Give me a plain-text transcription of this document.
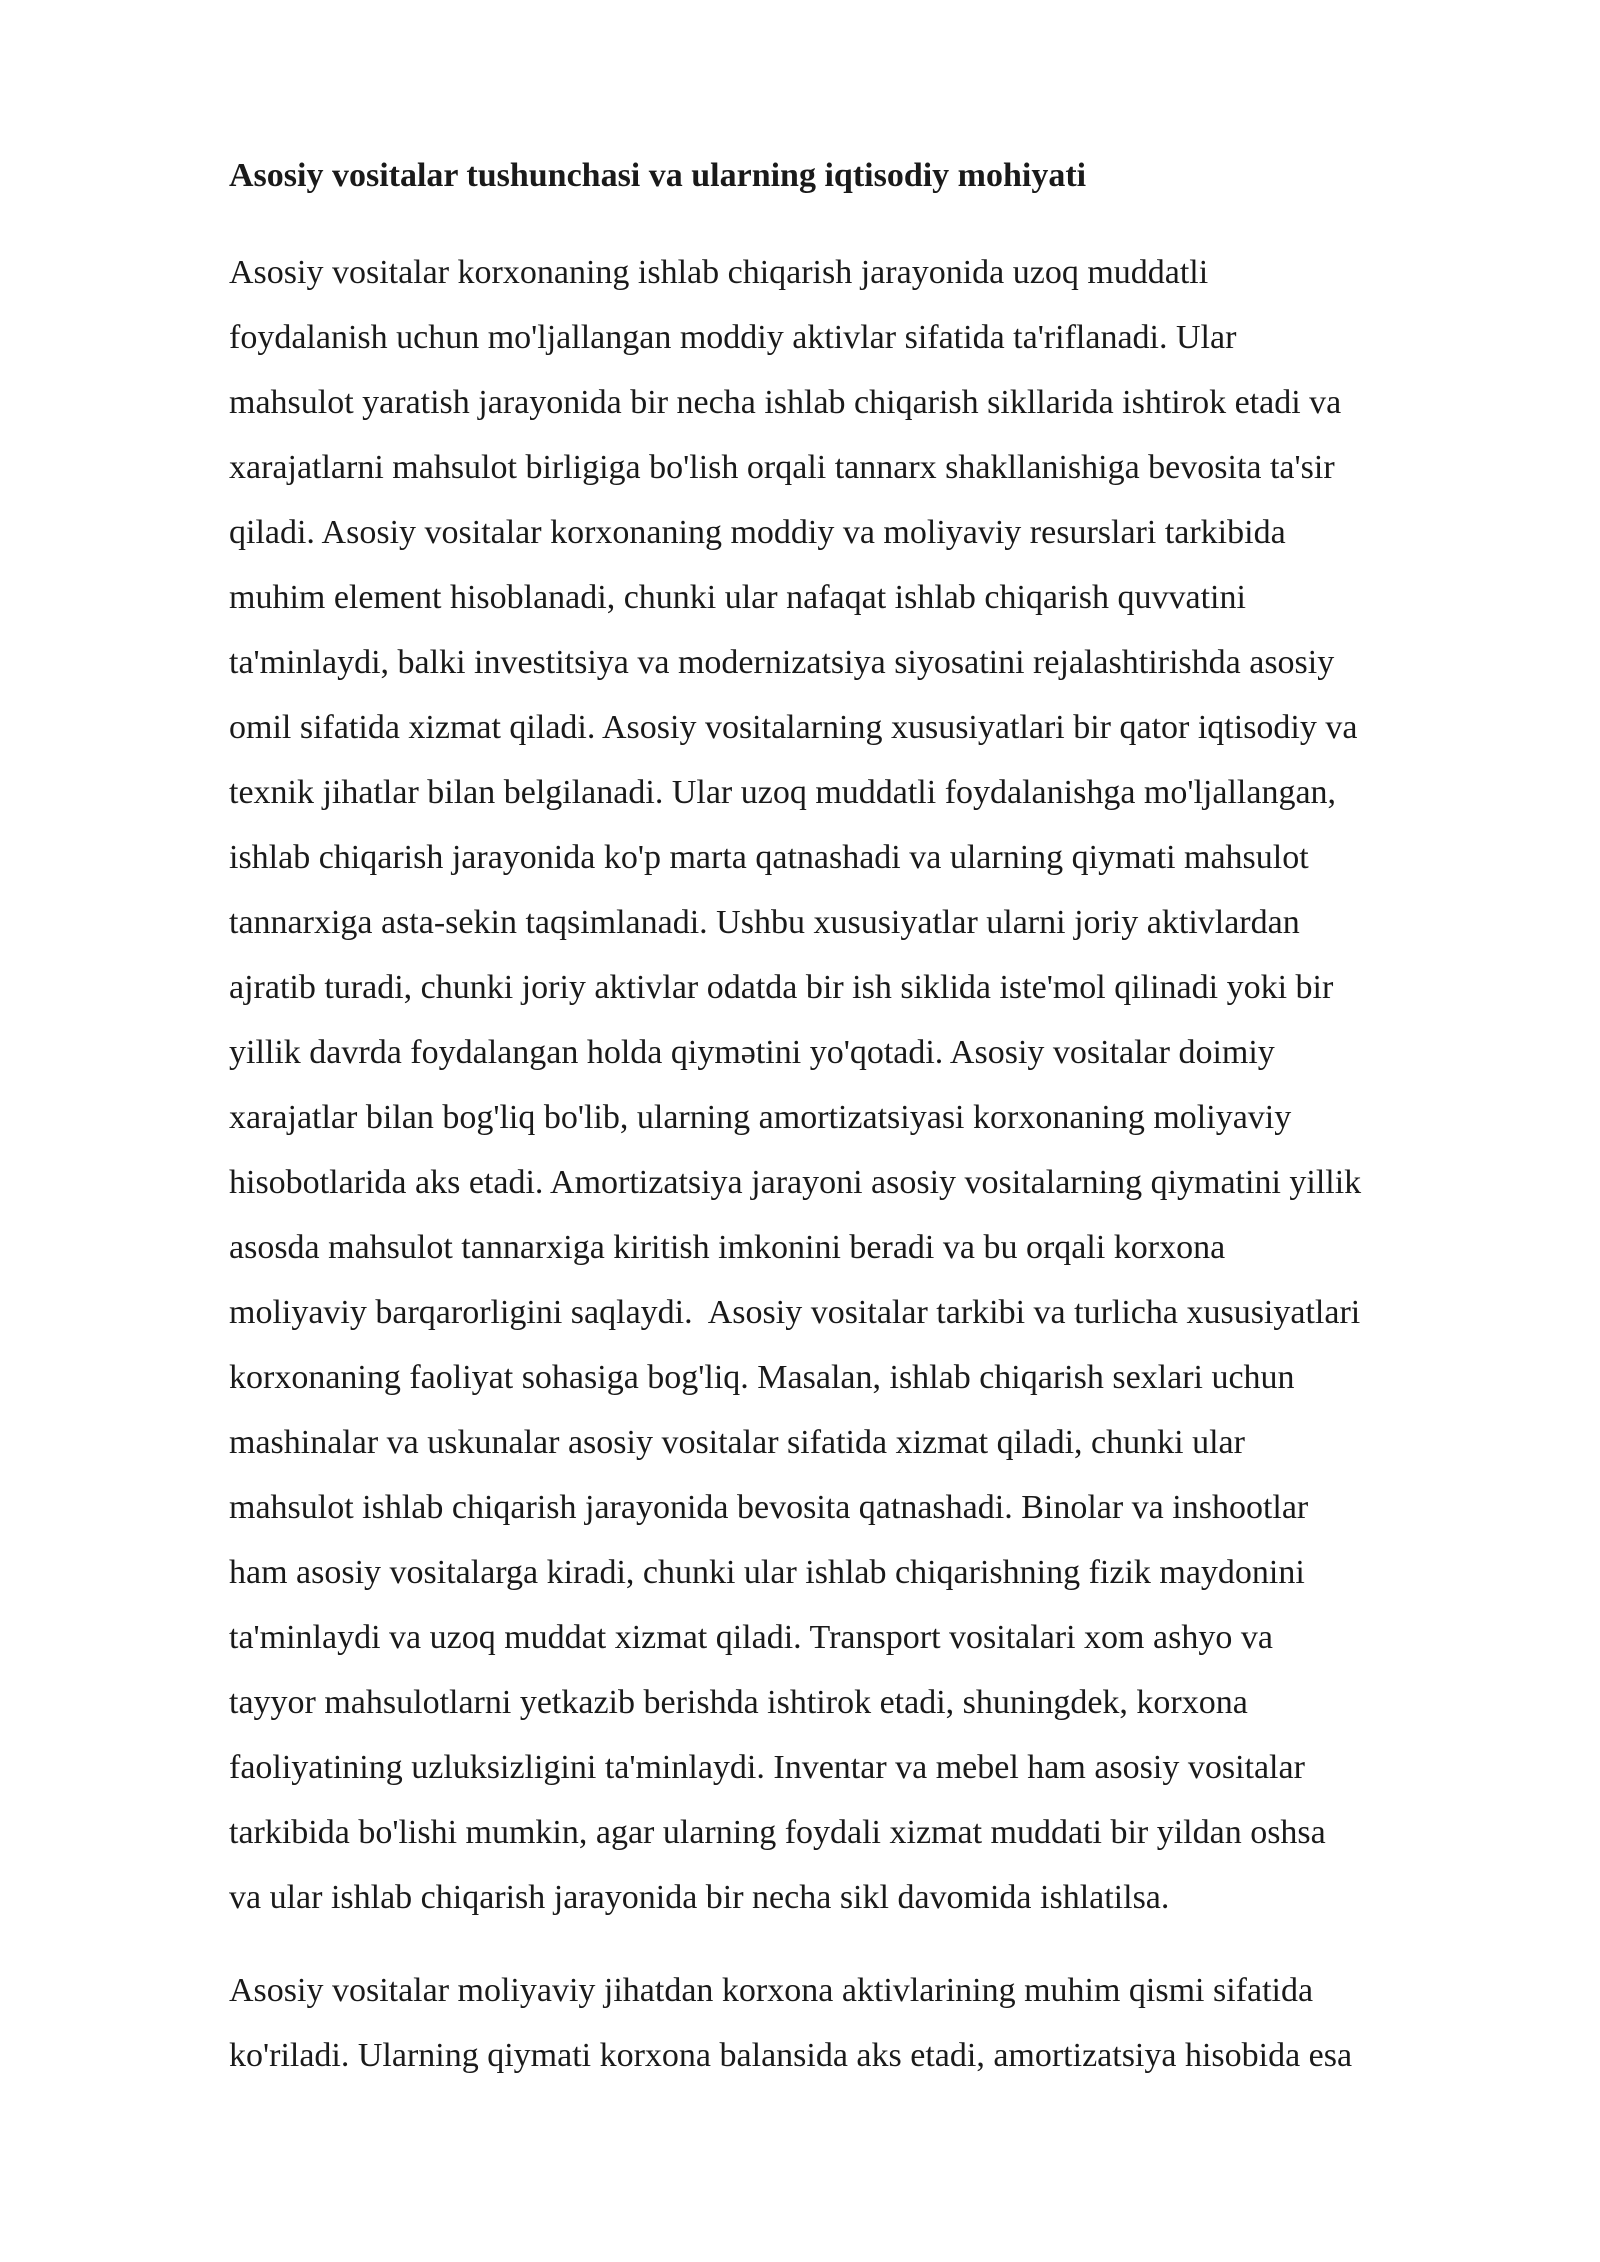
Asosiy vositalar tushunchasi va ularning iqtisodiy mohiyati
Asosiy vositalar korxonaning ishlab chiqarish jarayonida uzoq muddatli
foydalanish uchun mo'ljallangan moddiy aktivlar sifatida ta'riflanadi. Ular
mahsulot yaratish jarayonida bir necha ishlab chiqarish sikllarida ishtirok etadi va
xarajatlarni mahsulot birligiga bo'lish orqali tannarx shakllanishiga bevosita ta'sir
qiladi. Asosiy vositalar korxonaning moddiy va moliyaviy resurslari tarkibida
muhim element hisoblanadi, chunki ular nafaqat ishlab chiqarish quvvatini
ta'minlaydi, balki investitsiya va modernizatsiya siyosatini rejalashtirishda asosiy
omil sifatida xizmat qiladi. Asosiy vositalarning xususiyatlari bir qator iqtisodiy va
texnik jihatlar bilan belgilanadi. Ular uzoq muddatli foydalanishga mo'ljallangan,
ishlab chiqarish jarayonida ko'p marta qatnashadi va ularning qiymati mahsulot
tannarxiga asta-sekin taqsimlanadi. Ushbu xususiyatlar ularni joriy aktivlardan
ajratib turadi, chunki joriy aktivlar odatda bir ish siklida iste'mol qilinadi yoki bir
yillik davrda foydalangan holda qiymətini yo'qotadi. Asosiy vositalar doimiy
xarajatlar bilan bog'liq bo'lib, ularning amortizatsiyasi korxonaning moliyaviy
hisobotlarida aks etadi. Amortizatsiya jarayoni asosiy vositalarning qiymatini yillik
asosda mahsulot tannarxiga kiritish imkonini beradi va bu orqali korxona
moliyaviy barqarorligini saqlaydi.  Asosiy vositalar tarkibi va turlicha xususiyatlari
korxonaning faoliyat sohasiga bog'liq. Masalan, ishlab chiqarish sexlari uchun
mashinalar va uskunalar asosiy vositalar sifatida xizmat qiladi, chunki ular
mahsulot ishlab chiqarish jarayonida bevosita qatnashadi. Binolar va inshootlar
ham asosiy vositalarga kiradi, chunki ular ishlab chiqarishning fizik maydonini
ta'minlaydi va uzoq muddat xizmat qiladi. Transport vositalari xom ashyo va
tayyor mahsulotlarni yetkazib berishda ishtirok etadi, shuningdek, korxona
faoliyatining uzluksizligini ta'minlaydi. Inventar va mebel ham asosiy vositalar
tarkibida bo'lishi mumkin, agar ularning foydali xizmat muddati bir yildan oshsa
va ular ishlab chiqarish jarayonida bir necha sikl davomida ishlatilsa.
Asosiy vositalar moliyaviy jihatdan korxona aktivlarining muhim qismi sifatida
ko'riladi. Ularning qiymati korxona balansida aks etadi, amortizatsiya hisobida esa
